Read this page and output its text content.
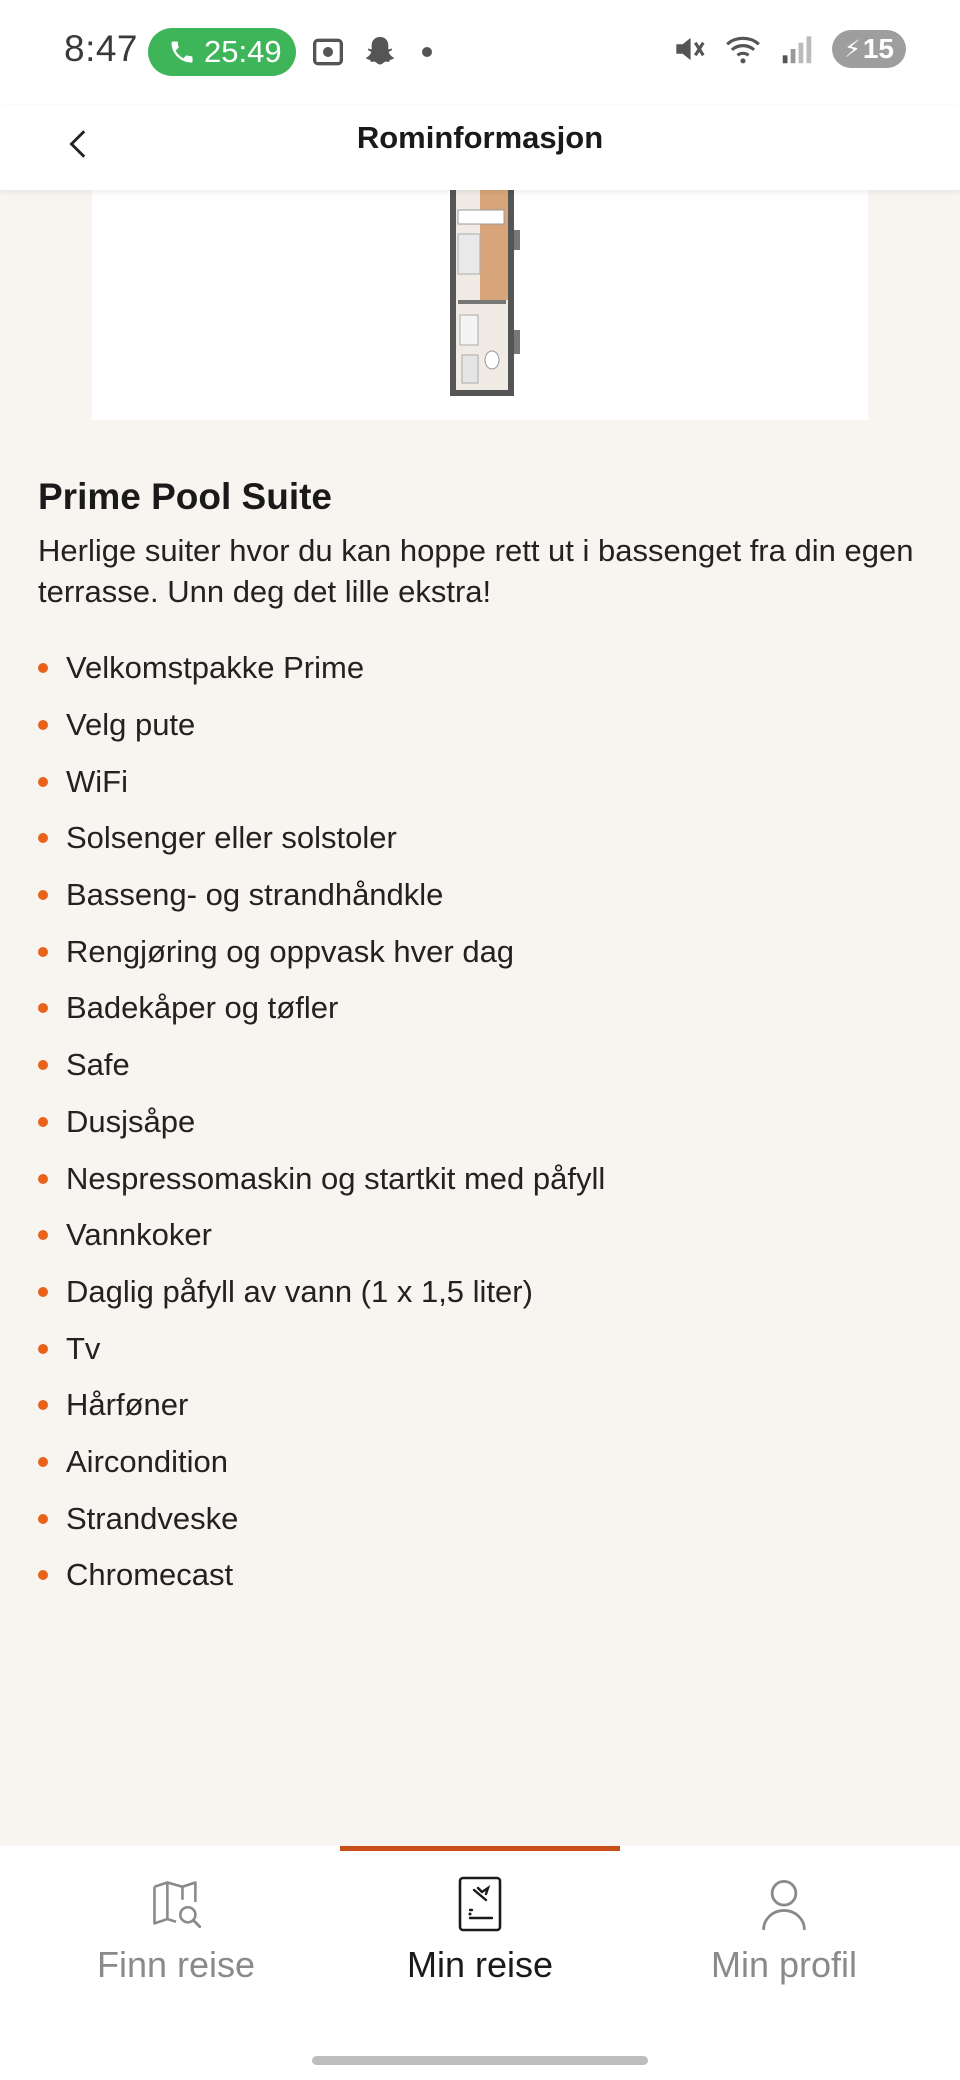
8:47 25:49	⚡ 15
Rominformasjon
Prime Pool Suite

Herlige suiter hvor du kan hoppe rett ut i bassenget fra din egen terrasse. Unn deg det lille ekstra!

Velkomstpakke Prime
Velg pute
WiFi
Solsenger eller solstoler
Basseng- og strandhåndkle
Rengjøring og oppvask hver dag
Badekåper og tøfler
Safe
Dusjsåpe
Nespressomaskin og startkit med påfyll
Vannkoker
Daglig påfyll av vann (1 x 1,5 liter)
Tv
Hårføner
Aircondition
Strandveske
Chromecast
Finn reise	Min reise	Min profil
